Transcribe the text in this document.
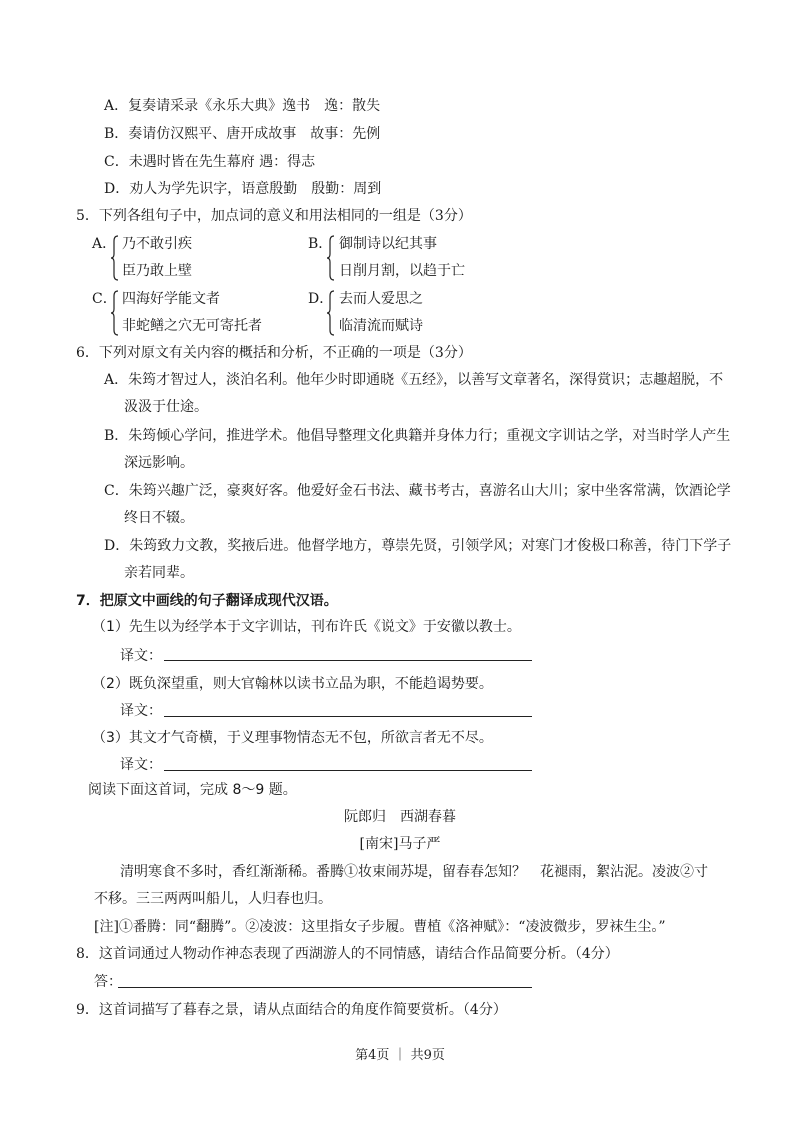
A．复奏请采录《永乐大典》逸书　逸：散失
B．奏请仿汉熙平、唐开成故事　故事：先例
C．未遇时皆在先生幕府 遇：得志
D．劝人为学先识字，语意殷勤　殷勤：周到
5．下列各组句子中，加点词的意义和用法相同的一组是（3分）
A． 乃不敢引疾
臣乃敢上壁
B． 御制诗以纪其事
日削月割，以趋于亡
C． 四海好学能文者
非蛇鳝之穴无可寄托者
D． 去而人爱思之
临清流而赋诗
6．下列对原文有关内容的概括和分析，不正确的一项是（3分）
A．朱筠才智过人，淡泊名利。他年少时即通晓《五经》，以善写文章著名，深得赏识；志趣超脱，不
汲汲于仕途。
B．朱筠倾心学问，推进学术。他倡导整理文化典籍并身体力行；重视文字训诂之学，对当时学人产生
深远影响。
C．朱筠兴趣广泛，豪爽好客。他爱好金石书法、藏书考古，喜游名山大川；家中坐客常满，饮酒论学
终日不辍。
D．朱筠致力文教，奖掖后进。他督学地方，尊崇先贤，引领学风；对寒门才俊极口称善，待门下学子
亲若同辈。
7．把原文中画线的句子翻译成现代汉语。
（1）先生以为经学本于文字训诂，刊布许氏《说文》于安徽以教士。
译文：
（2）既负深望重，则大官翰林以读书立品为职，不能趋谒势要。
译文：
（3）其文才气奇横，于义理事物情态无不包，所欲言者无不尽。
译文：
阅读下面这首词，完成 8～9 题。
阮郎归　西湖春暮
[南宋]马子严
清明寒食不多时，香红渐渐稀。番腾①妆束闹苏堤，留春春怎知？　花褪雨，絮沾泥。凌波②寸
不移。三三两两叫船儿，人归春也归。
[注]①番腾：同“翻腾”。②凌波：这里指女子步履。曹植《洛神赋》：“凌波微步，罗袜生尘。”
8．这首词通过人物动作神态表现了西湖游人的不同情感，请结合作品简要分析。（4分）
答：
9．这首词描写了暮春之景，请从点面结合的角度作简要赏析。（4分）
第4页 ｜ 共9页
